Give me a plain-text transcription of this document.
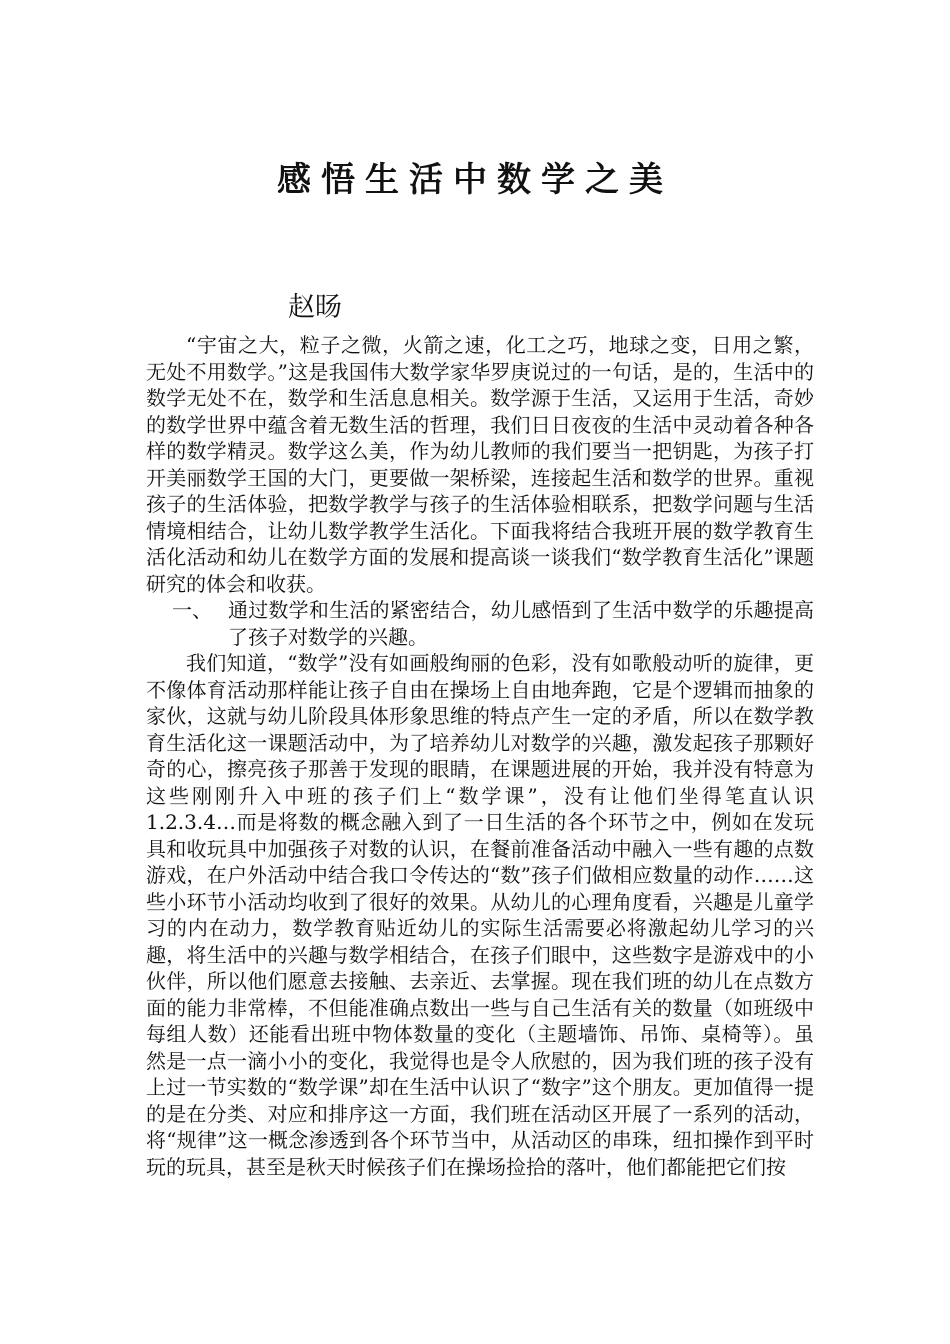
感悟生活中数学之美
赵旸

“宇宙之大，粒子之微，火箭之速，化工之巧，地球之变，日用之繁，无处不用数学。”这是我国伟大数学家华罗庚说过的一句话，是的，生活中的数学无处不在，数学和生活息息相关。数学源于生活，又运用于生活，奇妙的数学世界中蕴含着无数生活的哲理，我们日日夜夜的生活中灵动着各种各样的数学精灵。数学这么美，作为幼儿教师的我们要当一把钥匙，为孩子打开美丽数学王国的大门，更要做一架桥梁，连接起生活和数学的世界。重视孩子的生活体验，把数学教学与孩子的生活体验相联系，把数学问题与生活情境相结合，让幼儿数学教学生活化。下面我将结合我班开展的数学教育生活化活动和幼儿在数学方面的发展和提高谈一谈我们“数学教育生活化”课题研究的体会和收获。

一、 通过数学和生活的紧密结合，幼儿感悟到了生活中数学的乐趣提高了孩子对数学的兴趣。

我们知道，“数学”没有如画般绚丽的色彩，没有如歌般动听的旋律，更不像体育活动那样能让孩子自由在操场上自由地奔跑，它是个逻辑而抽象的家伙，这就与幼儿阶段具体形象思维的特点产生一定的矛盾，所以在数学教育生活化这一课题活动中，为了培养幼儿对数学的兴趣，激发起孩子那颗好奇的心，擦亮孩子那善于发现的眼睛，在课题进展的开始，我并没有特意为这些刚刚升入中班的孩子们上“数学课”，没有让他们坐得笔直认识1.2.3.4…而是将数的概念融入到了一日生活的各个环节之中，例如在发玩具和收玩具中加强孩子对数的认识，在餐前准备活动中融入一些有趣的点数游戏，在户外活动中结合我口令传达的“数”孩子们做相应数量的动作……这些小环节小活动均收到了很好的效果。从幼儿的心理角度看，兴趣是儿童学习的内在动力，数学教育贴近幼儿的实际生活需要必将激起幼儿学习的兴趣，将生活中的兴趣与数学相结合，在孩子们眼中，这些数字是游戏中的小伙伴，所以他们愿意去接触、去亲近、去掌握。现在我们班的幼儿在点数方面的能力非常棒，不但能准确点数出一些与自己生活有关的数量（如班级中每组人数）还能看出班中物体数量的变化（主题墙饰、吊饰、桌椅等）。虽然是一点一滴小小的变化，我觉得也是令人欣慰的，因为我们班的孩子没有上过一节实数的“数学课”却在生活中认识了“数字”这个朋友。更加值得一提的是在分类、对应和排序这一方面，我们班在活动区开展了一系列的活动，将“规律”这一概念渗透到各个环节当中，从活动区的串珠，纽扣操作到平时玩的玩具，甚至是秋天时候孩子们在操场捡拾的落叶，他们都能把它们按
